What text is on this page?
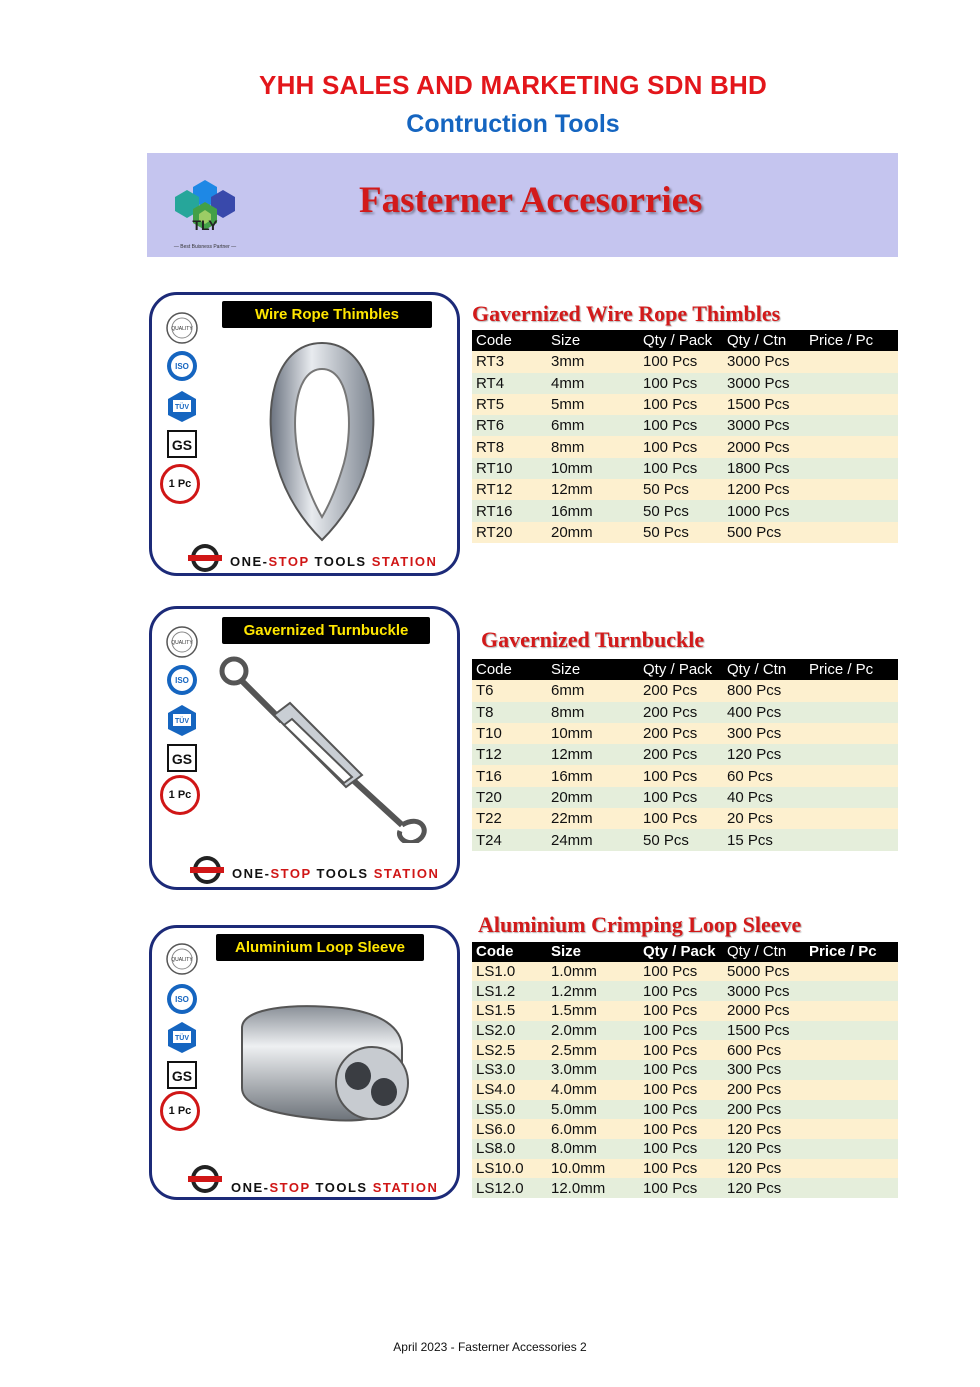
YHH SALES AND MARKETING SDN BHD
Contruction Tools
TLY
— Best Buisness Partner —
Fasterner Accesorries
Wire Rope Thimbles
QUALITY
ISO
TÜV
GS
1 Pc
ONE-STOP TOOLS STATION
Gavernized Wire Rope Thimbles
Code	Size	Qty / Pack	Qty / Ctn	Price / Pc
RT3	3mm	100 Pcs	3000 Pcs	
RT4	4mm	100 Pcs	3000 Pcs	
RT5	5mm	100 Pcs	1500 Pcs	
RT6	6mm	100 Pcs	3000 Pcs	
RT8	8mm	100 Pcs	2000 Pcs	
RT10	10mm	100 Pcs	1800 Pcs	
RT12	12mm	50 Pcs	1200 Pcs	
RT16	16mm	50 Pcs	1000 Pcs	
RT20	20mm	50 Pcs	500 Pcs	
Gavernized Turnbuckle
QUALITY
ISO
TÜV
GS
1 Pc
ONE-STOP TOOLS STATION
Gavernized Turnbuckle
Code	Size	Qty / Pack	Qty / Ctn	Price / Pc
T6	6mm	200 Pcs	800 Pcs	
T8	8mm	200 Pcs	400 Pcs	
T10	10mm	200 Pcs	300 Pcs	
T12	12mm	200 Pcs	120 Pcs	
T16	16mm	100 Pcs	60 Pcs	
T20	20mm	100 Pcs	40 Pcs	
T22	22mm	100 Pcs	20 Pcs	
T24	24mm	50 Pcs	15 Pcs	
Aluminium Loop Sleeve
QUALITY
ISO
TÜV
GS
1 Pc
ONE-STOP TOOLS STATION
Aluminium Crimping Loop Sleeve
Code	Size	Qty / Pack	Qty / Ctn	Price / Pc
LS1.0	1.0mm	100 Pcs	5000 Pcs	
LS1.2	1.2mm	100 Pcs	3000 Pcs	
LS1.5	1.5mm	100 Pcs	2000 Pcs	
LS2.0	2.0mm	100 Pcs	1500 Pcs	
LS2.5	2.5mm	100 Pcs	600 Pcs	
LS3.0	3.0mm	100 Pcs	300 Pcs	
LS4.0	4.0mm	100 Pcs	200 Pcs	
LS5.0	5.0mm	100 Pcs	200 Pcs	
LS6.0	6.0mm	100 Pcs	120 Pcs	
LS8.0	8.0mm	100 Pcs	120 Pcs	
LS10.0	10.0mm	100 Pcs	120 Pcs	
LS12.0	12.0mm	100 Pcs	120 Pcs	
April 2023 - Fasterner Accessories 2
